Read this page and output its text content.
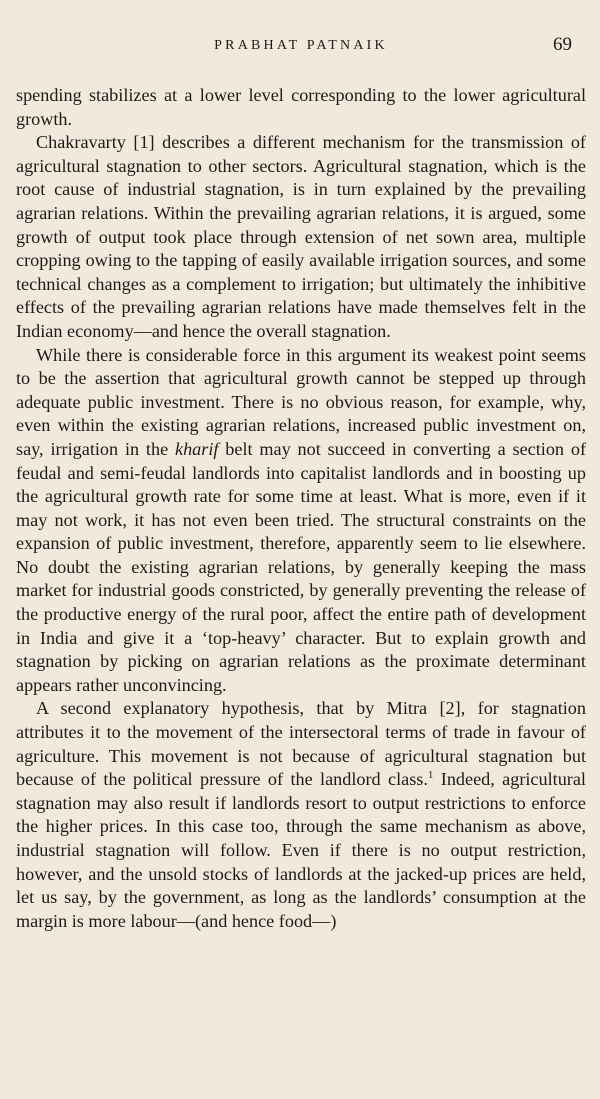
PRABHAT PATNAIK	69

spending stabilizes at a lower level corresponding to the lower agricultural growth.

Chakravarty [1] describes a different mechanism for the transmission of agricultural stagnation to other sectors. Agricultural stagnation, which is the root cause of industrial stagnation, is in turn explained by the prevailing agrarian relations. Within the prevailing agrarian relations, it is argued, some growth of output took place through extension of net sown area, multiple cropping owing to the tapping of easily available irrigation sources, and some technical changes as a complement to irrigation; but ultimately the inhibitive effects of the prevailing agrarian relations have made themselves felt in the Indian economy—and hence the overall stagnation.

While there is considerable force in this argument its weakest point seems to be the assertion that agricultural growth cannot be stepped up through adequate public investment. There is no obvious reason, for example, why, even within the existing agrarian relations, increased public investment on, say, irrigation in the kharif belt may not succeed in converting a section of feudal and semi-feudal landlords into capitalist landlords and in boosting up the agricultural growth rate for some time at least. What is more, even if it may not work, it has not even been tried. The structural constraints on the expansion of public investment, therefore, apparently seem to lie elsewhere. No doubt the existing agrarian relations, by generally keeping the mass market for industrial goods constricted, by generally preventing the release of the productive energy of the rural poor, affect the entire path of development in India and give it a ‘top-heavy’ character. But to explain growth and stagnation by picking on agrarian relations as the proximate determinant appears rather unconvincing.

A second explanatory hypothesis, that by Mitra [2], for stagnation attributes it to the movement of the intersectoral terms of trade in favour of agriculture. This movement is not because of agricultural stagnation but because of the political pressure of the landlord class.$^1$ Indeed, agricultural stagnation may also result if landlords resort to output restrictions to enforce the higher prices. In this case too, through the same mechanism as above, industrial stagnation will follow. Even if there is no output restriction, however, and the unsold stocks of landlords at the jacked-up prices are held, let us say, by the government, as long as the landlords’ consumption at the margin is more labour—(and hence food—)
